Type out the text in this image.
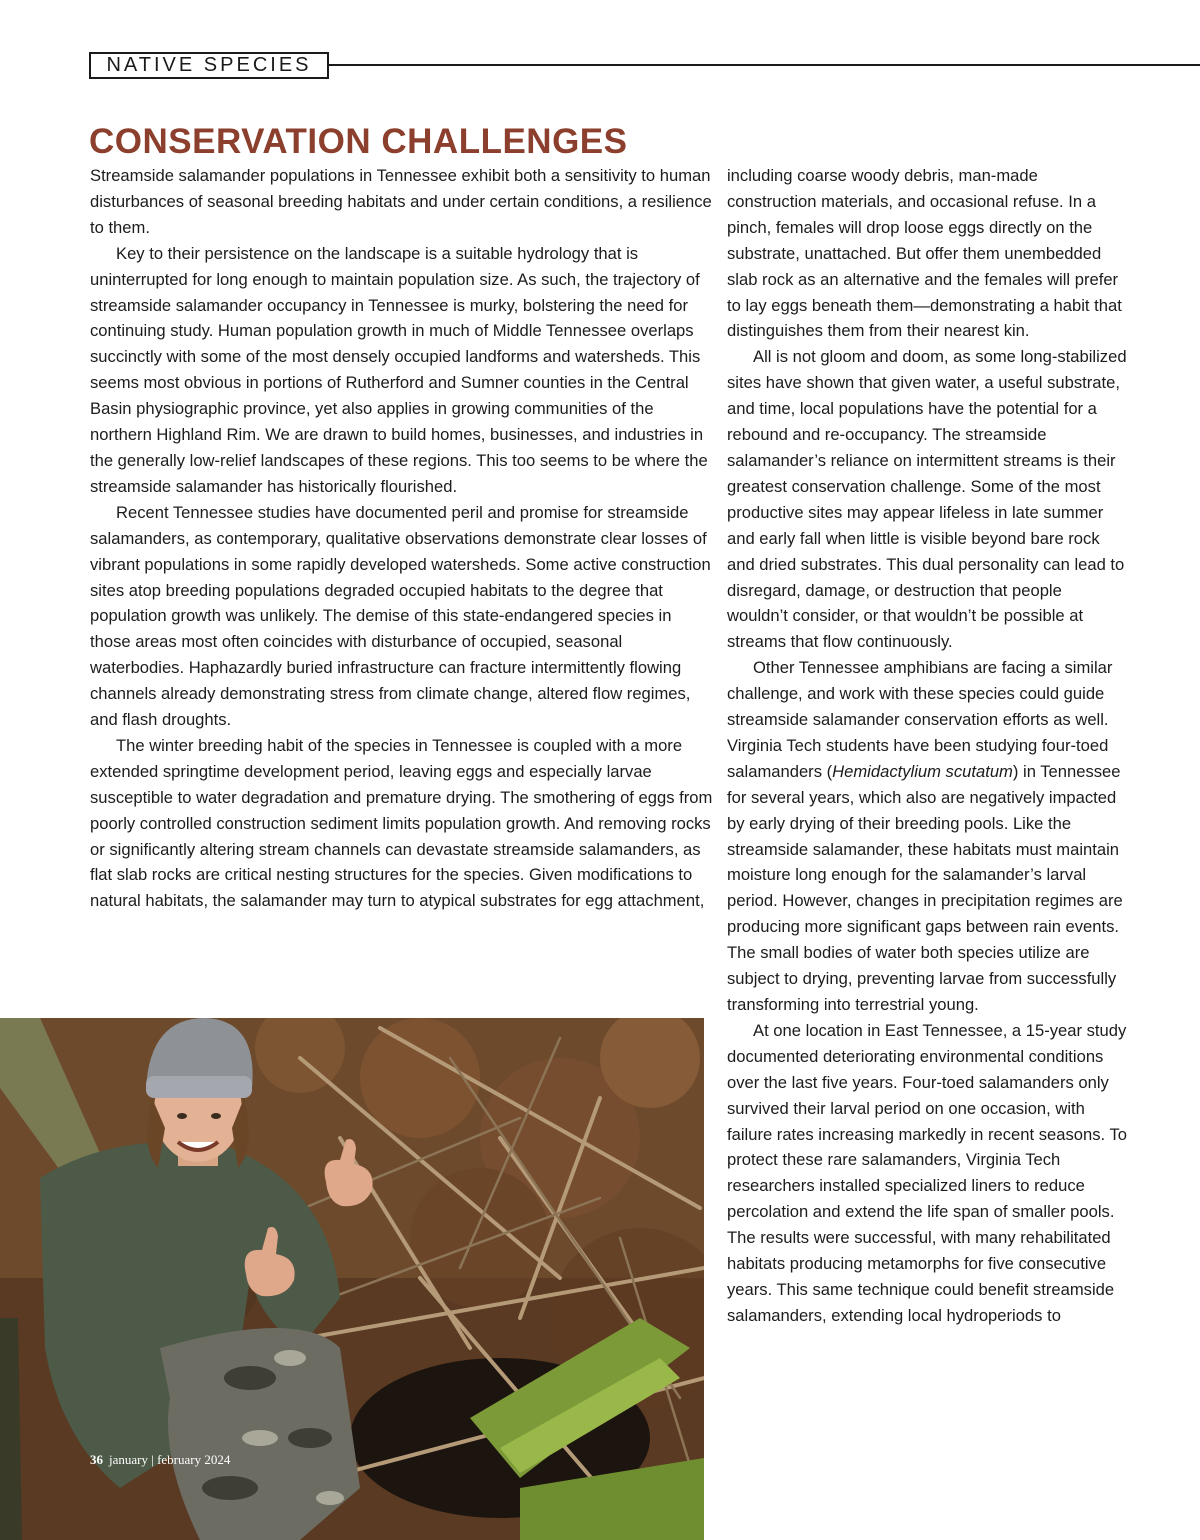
NATIVE SPECIES
CONSERVATION CHALLENGES

Streamside salamander populations in Tennessee exhibit both a sensitivity to human disturbances of seasonal breeding habitats and under certain conditions, a resilience to them.

Key to their persistence on the landscape is a suitable hydrology that is uninterrupted for long enough to maintain population size. As such, the trajectory of streamside salamander occupancy in Tennessee is murky, bolstering the need for continuing study. Human population growth in much of Middle Tennessee overlaps succinctly with some of the most densely occupied landforms and watersheds. This seems most obvious in portions of Rutherford and Sumner counties in the Central Basin physiographic province, yet also applies in growing communities of the northern Highland Rim. We are drawn to build homes, businesses, and industries in the generally low-relief landscapes of these regions. This too seems to be where the streamside salamander has historically flourished.

Recent Tennessee studies have documented peril and promise for streamside salamanders, as contemporary, qualitative observations demonstrate clear losses of vibrant populations in some rapidly developed watersheds. Some active construction sites atop breeding populations degraded occupied habitats to the degree that population growth was unlikely. The demise of this state-endangered species in those areas most often coincides with disturbance of occupied, seasonal waterbodies. Haphazardly buried infrastructure can fracture intermittently flowing channels already demonstrating stress from climate change, altered flow regimes, and flash droughts.

The winter breeding habit of the species in Tennessee is coupled with a more extended springtime development period, leaving eggs and especially larvae susceptible to water degradation and premature drying. The smothering of eggs from poorly controlled construction sediment limits population growth. And removing rocks or significantly altering stream channels can devastate streamside salamanders, as flat slab rocks are critical nesting structures for the species. Given modifications to natural habitats, the salamander may turn to atypical substrates for egg attachment,

including coarse woody debris, man-made construction materials, and occasional refuse. In a pinch, females will drop loose eggs directly on the substrate, unattached. But offer them unembedded slab rock as an alternative and the females will prefer to lay eggs beneath them—demonstrating a habit that distinguishes them from their nearest kin.

All is not gloom and doom, as some long-stabilized sites have shown that given water, a useful substrate, and time, local populations have the potential for a rebound and re-occupancy. The streamside salamander’s reliance on intermittent streams is their greatest conservation challenge. Some of the most productive sites may appear lifeless in late summer and early fall when little is visible beyond bare rock and dried substrates. This dual personality can lead to disregard, damage, or destruction that people wouldn’t consider, or that wouldn’t be possible at streams that flow continuously.

Other Tennessee amphibians are facing a similar challenge, and work with these species could guide streamside salamander conservation efforts as well. Virginia Tech students have been studying four-toed salamanders (Hemidactylium scutatum) in Tennessee for several years, which also are negatively impacted by early drying of their breeding pools. Like the streamside salamander, these habitats must maintain moisture long enough for the salamander’s larval period. However, changes in precipitation regimes are producing more significant gaps between rain events. The small bodies of water both species utilize are subject to drying, preventing larvae from successfully transforming into terrestrial young.

At one location in East Tennessee, a 15-year study documented deteriorating environmental conditions over the last five years. Four-toed salamanders only survived their larval period on one occasion, with failure rates increasing markedly in recent seasons. To protect these rare salamanders, Virginia Tech researchers installed specialized liners to reduce percolation and extend the life span of smaller pools. The results were successful, with many rehabilitated habitats producing metamorphs for five consecutive years. This same technique could benefit streamside salamanders, extending local hydroperiods to

36 january | february 2024
